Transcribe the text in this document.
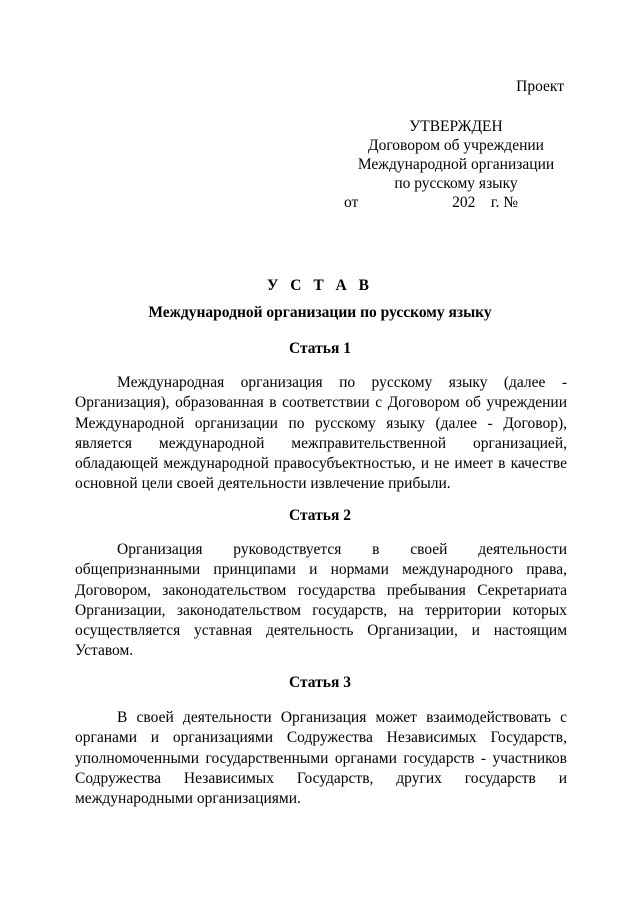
Проект
УТВЕРЖДЕН
Договором об учреждении
Международной организации
по русскому языку
от	202 г. №
У С Т А В
Международной организации по русскому языку
Статья 1

Международная организация по русскому языку (далее - Организация), образованная в соответствии с Договором об учреждении Международной организации по русскому языку (далее - Договор), является международной межправительственной организацией, обладающей международной правосубъектностью, и не имеет в качестве основной цели своей деятельности извлечение прибыли.

Статья 2

Организация руководствуется в своей деятельности общепризнанными принципами и нормами международного права, Договором, законодательством государства пребывания Секретариата Организации, законодательством государств, на территории которых осуществляется уставная деятельность Организации, и настоящим Уставом.

Статья 3

В своей деятельности Организация может взаимодействовать с органами и организациями Содружества Независимых Государств, уполномоченными государственными органами государств - участников Содружества Независимых Государств, других государств и международными организациями.
